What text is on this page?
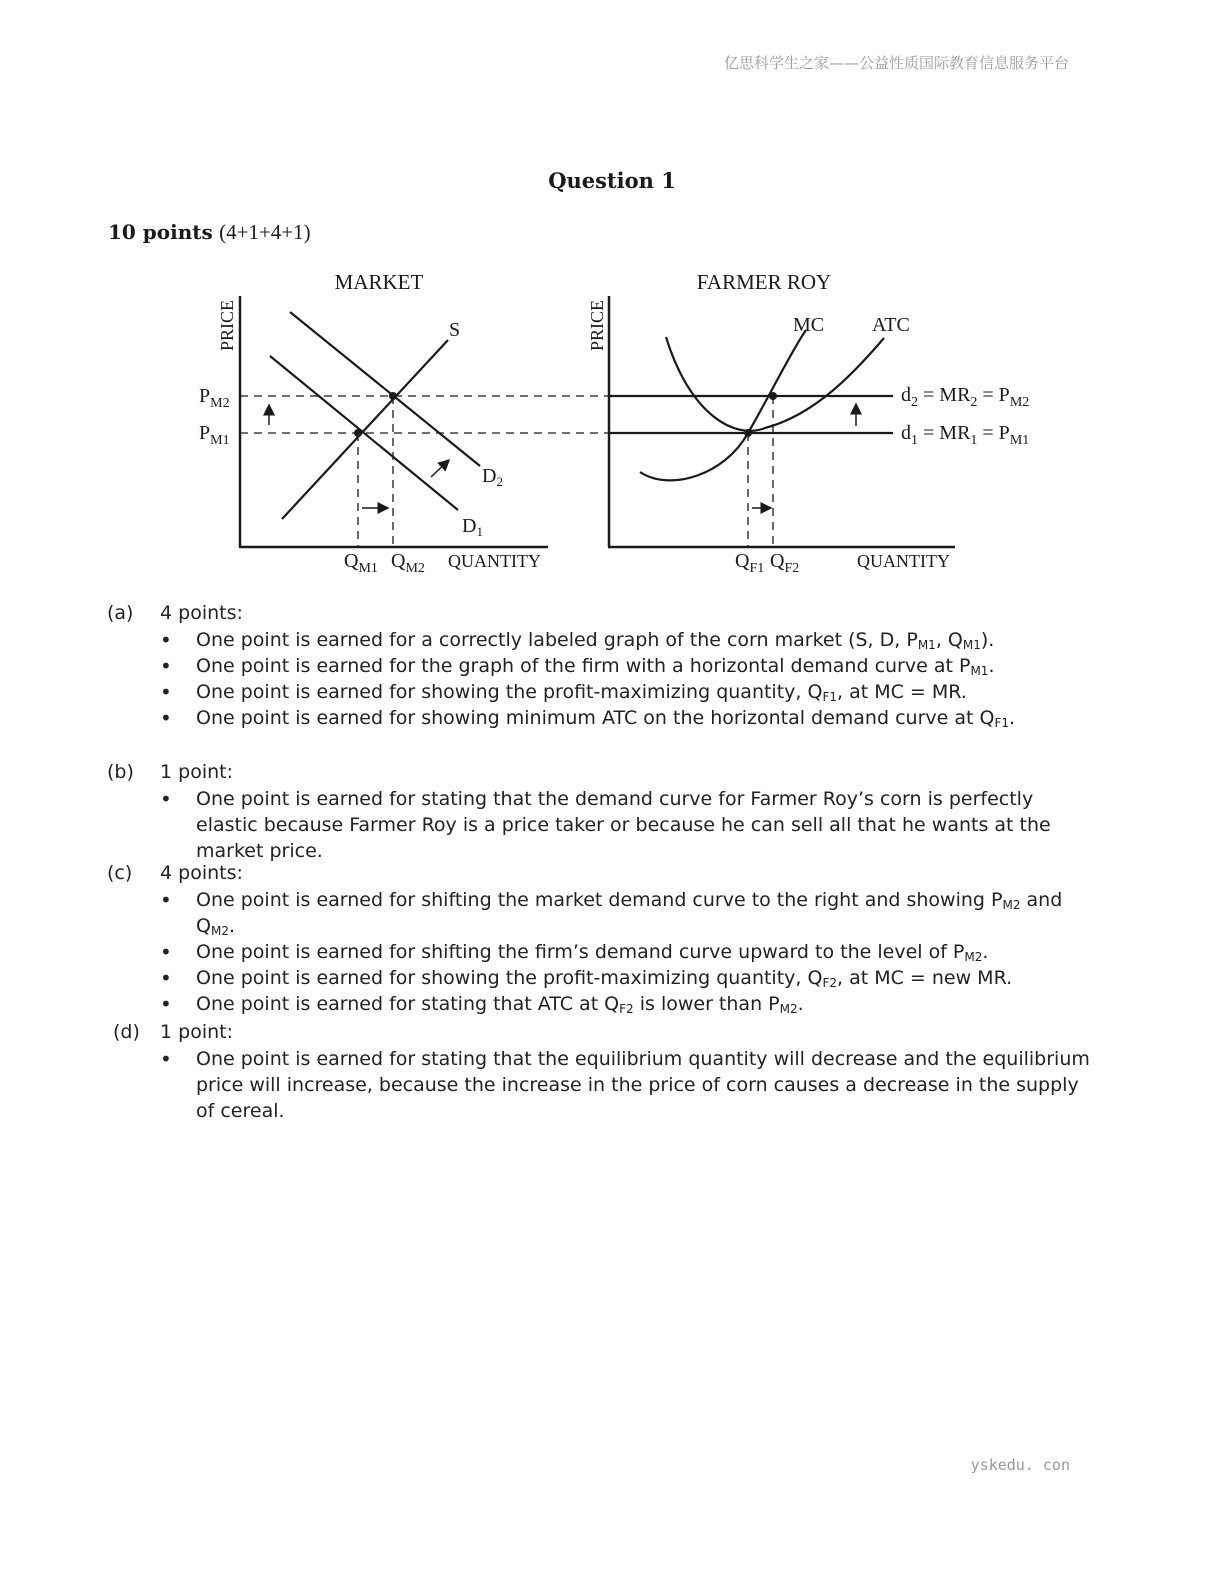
亿思科学生之家——公益性质国际教育信息服务平台
Question 1
10 points (4+1+4+1)
MARKET
PRICE	S
$D_1$
$D_2$
$P_{M2}$
$P_{M1}$
$Q_{M1}$ $Q_{M2}$ QUANTITY
FARMER ROY
PRICE	MC ATC
$d_2 = MR_2 = P_{M2}$
$d_1 = MR_1 = P_{M1}$
$Q_{F1}$ $Q_{F2}$	QUANTITY
(a) 4 points:
• One point is earned for a correctly labeled graph of the corn market (S, D, $P_{M1}$, $Q_{M1}$).
• One point is earned for the graph of the firm with a horizontal demand curve at $P_{M1}$.
• One point is earned for showing the profit-maximizing quantity, $Q_{F1}$, at MC = MR.
• One point is earned for showing minimum ATC on the horizontal demand curve at $Q_{F1}$.
(b) 1 point:
• One point is earned for stating that the demand curve for Farmer Roy’s corn is perfectly elastic because Farmer Roy is a price taker or because he can sell all that he wants at the market price.
(c) 4 points:
• One point is earned for shifting the market demand curve to the right and showing $P_{M2}$ and $Q_{M2}$.
• One point is earned for shifting the firm’s demand curve upward to the level of $P_{M2}$.
• One point is earned for showing the profit-maximizing quantity, $Q_{F2}$, at MC = new MR.
• One point is earned for stating that ATC at $Q_{F2}$ is lower than $P_{M2}$.
(d) 1 point:
• One point is earned for stating that the equilibrium quantity will decrease and the equilibrium price will increase, because the increase in the price of corn causes a decrease in the supply of cereal.
yskedu. con
